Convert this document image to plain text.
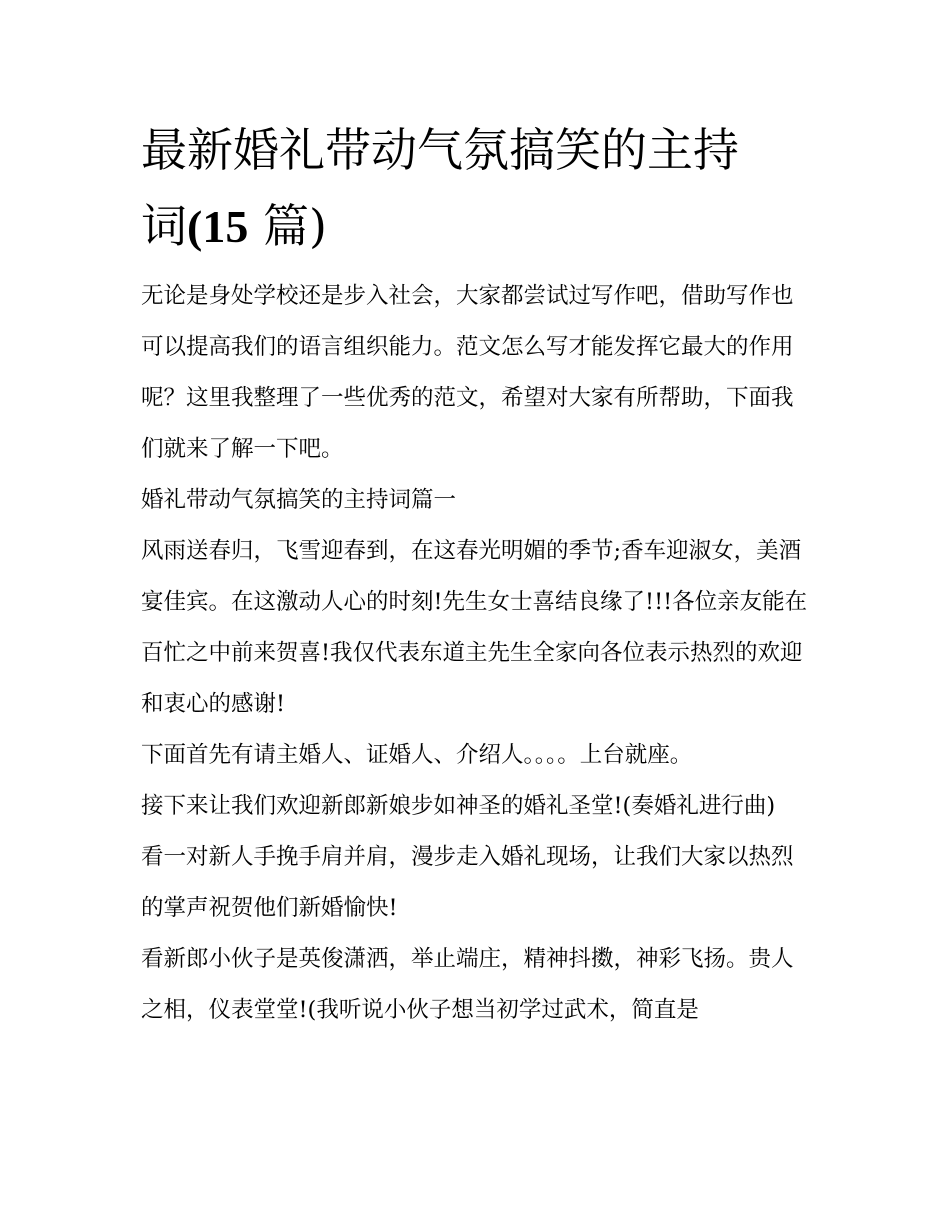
最新婚礼带动气氛搞笑的主持
词(15 篇)

无论是身处学校还是步入社会，大家都尝试过写作吧，借助写作也可以提高我们的语言组织能力。范文怎么写才能发挥它最大的作用呢？这里我整理了一些优秀的范文，希望对大家有所帮助，下面我们就来了解一下吧。

婚礼带动气氛搞笑的主持词篇一

风雨送春归，飞雪迎春到，在这春光明媚的季节;香车迎淑女，美酒宴佳宾。在这激动人心的时刻!先生女士喜结良缘了!!!各位亲友能在百忙之中前来贺喜!我仅代表东道主先生全家向各位表示热烈的欢迎和衷心的感谢!

下面首先有请主婚人、证婚人、介绍人。。。。上台就座。

接下来让我们欢迎新郎新娘步如神圣的婚礼圣堂!(奏婚礼进行曲)

看一对新人手挽手肩并肩，漫步走入婚礼现场，让我们大家以热烈的掌声祝贺他们新婚愉快!

看新郎小伙子是英俊潇洒，举止端庄，精神抖擞，神彩飞扬。贵人之相，仪表堂堂!(我听说小伙子想当初学过武术，简直是
